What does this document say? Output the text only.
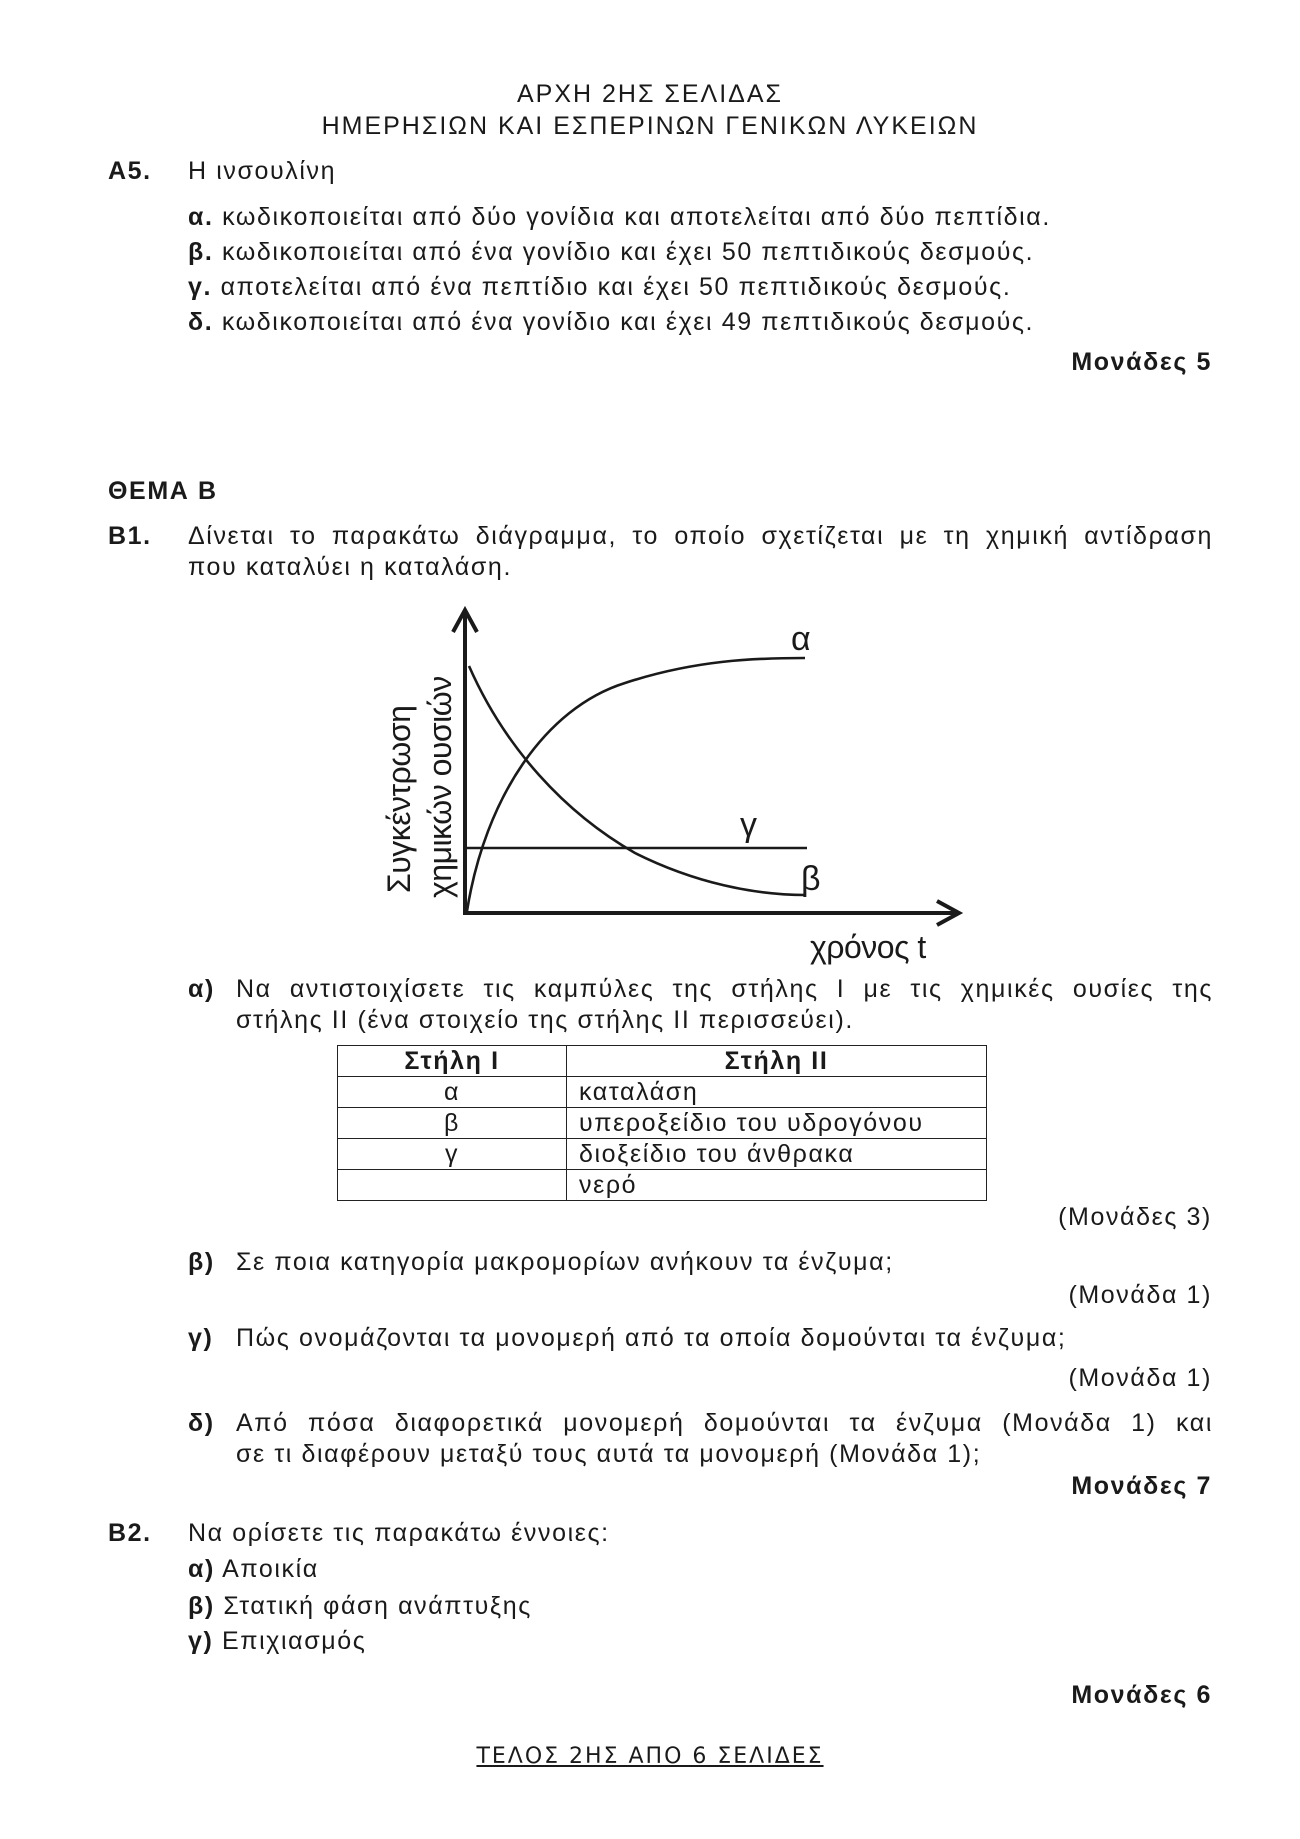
ΑΡΧΗ 2ΗΣ ΣΕΛΙΔΑΣ
ΗΜΕΡΗΣΙΩΝ ΚΑΙ ΕΣΠΕΡΙΝΩΝ ΓΕΝΙΚΩΝ ΛΥΚΕΙΩΝ
Α5. Η ινσουλίνη
α. κωδικοποιείται από δύο γονίδια και αποτελείται από δύο πεπτίδια.
β. κωδικοποιείται από ένα γονίδιο και έχει 50 πεπτιδικούς δεσμούς.
γ. αποτελείται από ένα πεπτίδιο και έχει 50 πεπτιδικούς δεσμούς.
δ. κωδικοποιείται από ένα γονίδιο και έχει 49 πεπτιδικούς δεσμούς.
Μονάδες 5
ΘΕΜΑ Β
Β1. Δίνεται το παρακάτω διάγραμμα, το οποίο σχετίζεται με τη χημική αντίδραση
που καταλύει η καταλάση.
α
γ
β
χρόνος t
Συγκέντρωση χημικών ουσιών
α) Να αντιστοιχίσετε τις καμπύλες της στήλης Ι με τις χημικές ουσίες της
στήλης ΙΙ (ένα στοιχείο της στήλης ΙΙ περισσεύει).
Στήλη Ι	Στήλη ΙΙ
α	καταλάση
β	υπεροξείδιο του υδρογόνου
γ	διοξείδιο του άνθρακα
	νερό
(Μονάδες 3)
β) Σε ποια κατηγορία μακρομορίων ανήκουν τα ένζυμα;
(Μονάδα 1)
γ) Πώς ονομάζονται τα μονομερή από τα οποία δομούνται τα ένζυμα;
(Μονάδα 1)
δ) Από πόσα διαφορετικά μονομερή δομούνται τα ένζυμα (Μονάδα 1) και
σε τι διαφέρουν μεταξύ τους αυτά τα μονομερή (Μονάδα 1);
Μονάδες 7
Β2. Να ορίσετε τις παρακάτω έννοιες:
α) Αποικία
β) Στατική φάση ανάπτυξης
γ) Επιχιασμός
Μονάδες 6
ΤΕΛΟΣ 2ΗΣ ΑΠΟ 6 ΣΕΛΙΔΕΣ
